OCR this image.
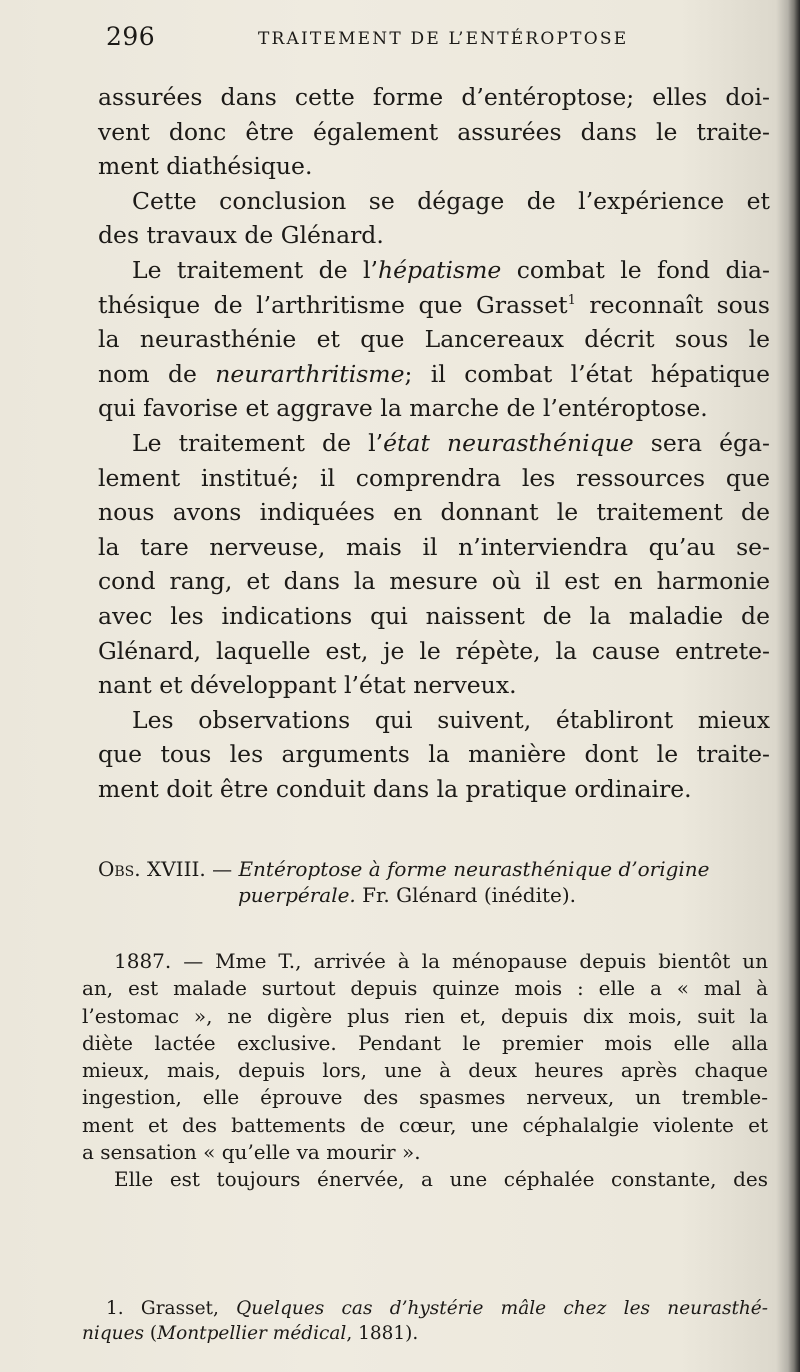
296	TRAITEMENT DE L’ENTÉROPTOSE
assurées dans cette forme d’entéroptose; elles doi-
vent donc être également assurées dans le traite-
ment diathésique.
Cette conclusion se dégage de l’expérience et
des travaux de Glénard.
Le traitement de l’hépatisme combat le fond dia-
thésique de l’arthritisme que Grasset$^1$ reconnaît sous
la neurasthénie et que Lancereaux décrit sous le
nom de neurarthritisme; il combat l’état hépatique
qui favorise et aggrave la marche de l’entéroptose.
Le traitement de l’état neurasthénique sera éga-
lement institué; il comprendra les ressources que
nous avons indiquées en donnant le traitement de
la tare nerveuse, mais il n’interviendra qu’au se-
cond rang, et dans la mesure où il est en harmonie
avec les indications qui naissent de la maladie de
Glénard, laquelle est, je le répète, la cause entrete-
nant et développant l’état nerveux.
Les observations qui suivent, établiront mieux
que tous les arguments la manière dont le traite-
ment doit être conduit dans la pratique ordinaire.
Obs. XVIII. — Entéroptose à forme neurasthénique d’origine
puerpérale. Fr. Glénard (inédite).
1887. — Mme T., arrivée à la ménopause depuis bientôt un
an, est malade surtout depuis quinze mois : elle a « mal à
l’estomac », ne digère plus rien et, depuis dix mois, suit la
diète lactée exclusive. Pendant le premier mois elle alla
mieux, mais, depuis lors, une à deux heures après chaque
ingestion, elle éprouve des spasmes nerveux, un tremble-
ment et des battements de cœur, une céphalalgie violente et
a sensation « qu’elle va mourir ».
Elle est toujours énervée, a une céphalée constante, des
1. Grasset, Quelques cas d’hystérie mâle chez les neurasthé-
niques (Montpellier médical, 1881).
